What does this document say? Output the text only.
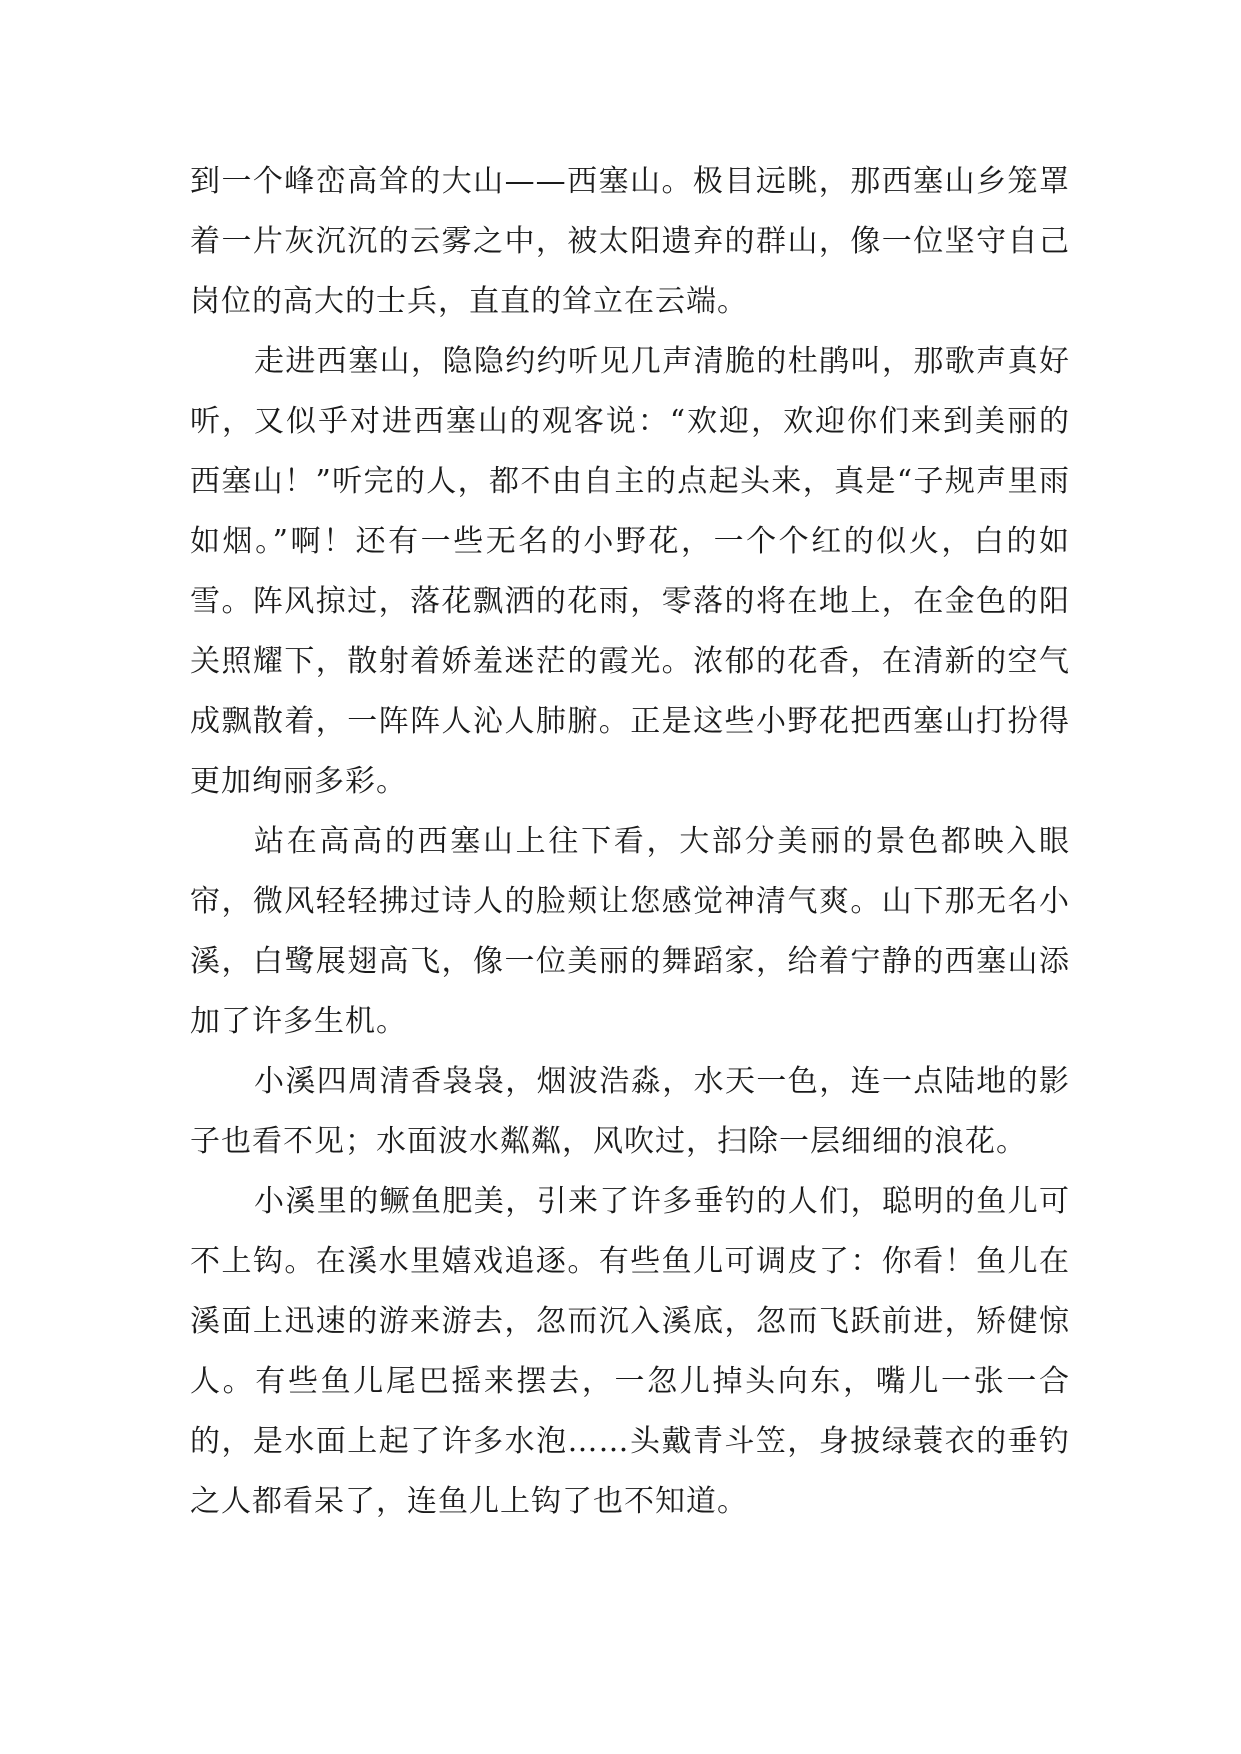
到一个峰峦高耸的大山——西塞山。极目远眺，那西塞山乡笼罩着一片灰沉沉的云雾之中，被太阳遗弃的群山，像一位坚守自己岗位的高大的士兵，直直的耸立在云端。

走进西塞山，隐隐约约听见几声清脆的杜鹃叫，那歌声真好听，又似乎对进西塞山的观客说：“欢迎，欢迎你们来到美丽的西塞山！”听完的人，都不由自主的点起头来，真是“子规声里雨如烟。”啊！还有一些无名的小野花，一个个红的似火，白的如雪。阵风掠过，落花飘洒的花雨，零落的将在地上，在金色的阳关照耀下，散射着娇羞迷茫的霞光。浓郁的花香，在清新的空气成飘散着，一阵阵人沁人肺腑。正是这些小野花把西塞山打扮得更加绚丽多彩。

站在高高的西塞山上往下看，大部分美丽的景色都映入眼帘，微风轻轻拂过诗人的脸颊让您感觉神清气爽。山下那无名小溪，白鹭展翅高飞，像一位美丽的舞蹈家，给着宁静的西塞山添加了许多生机。

小溪四周清香袅袅，烟波浩淼，水天一色，连一点陆地的影子也看不见；水面波水粼粼，风吹过，扫除一层细细的浪花。

小溪里的鳜鱼肥美，引来了许多垂钓的人们，聪明的鱼儿可不上钩。在溪水里嬉戏追逐。有些鱼儿可调皮了：你看！鱼儿在溪面上迅速的游来游去，忽而沉入溪底，忽而飞跃前进，矫健惊人。有些鱼儿尾巴摇来摆去，一忽儿掉头向东，嘴儿一张一合的，是水面上起了许多水泡……头戴青斗笠，身披绿蓑衣的垂钓之人都看呆了，连鱼儿上钩了也不知道。
